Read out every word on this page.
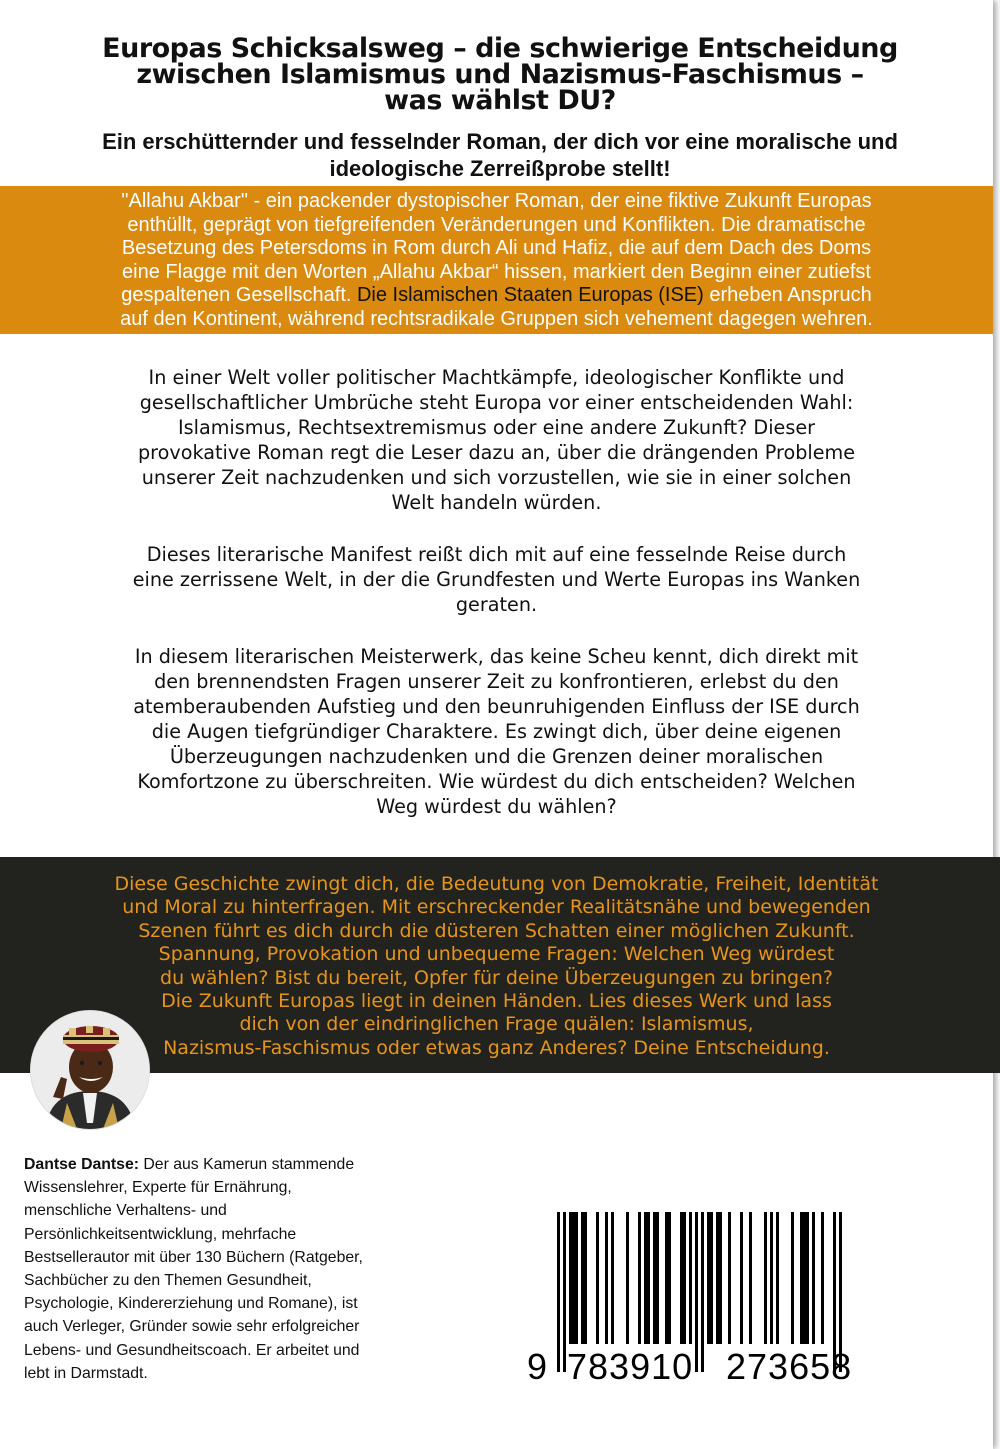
Europas Schicksalsweg – die schwierige Entscheidung
zwischen Islamismus und Nazismus-Faschismus –
was wählst DU?

Ein erschütternder und fesselnder Roman, der dich vor eine moralische und
ideologische Zerreißprobe stellt!

"Allahu Akbar" - ein packender dystopischer Roman, der eine fiktive Zukunft Europas
enthüllt, geprägt von tiefgreifenden Veränderungen und Konflikten. Die dramatische
Besetzung des Petersdoms in Rom durch Ali und Hafiz, die auf dem Dach des Doms
eine Flagge mit den Worten „Allahu Akbar“ hissen, markiert den Beginn einer zutiefst
gespaltenen Gesellschaft. Die Islamischen Staaten Europas (ISE) erheben Anspruch
auf den Kontinent, während rechtsradikale Gruppen sich vehement dagegen wehren.

In einer Welt voller politischer Machtkämpfe, ideologischer Konflikte und
gesellschaftlicher Umbrüche steht Europa vor einer entscheidenden Wahl:
Islamismus, Rechtsextremismus oder eine andere Zukunft? Dieser
provokative Roman regt die Leser dazu an, über die drängenden Probleme
unserer Zeit nachzudenken und sich vorzustellen, wie sie in einer solchen
Welt handeln würden.

Dieses literarische Manifest reißt dich mit auf eine fesselnde Reise durch
eine zerrissene Welt, in der die Grundfesten und Werte Europas ins Wanken
geraten.

In diesem literarischen Meisterwerk, das keine Scheu kennt, dich direkt mit
den brennendsten Fragen unserer Zeit zu konfrontieren, erlebst du den
atemberaubenden Aufstieg und den beunruhigenden Einfluss der ISE durch
die Augen tiefgründiger Charaktere. Es zwingt dich, über deine eigenen
Überzeugungen nachzudenken und die Grenzen deiner moralischen
Komfortzone zu überschreiten. Wie würdest du dich entscheiden? Welchen
Weg würdest du wählen?

Diese Geschichte zwingt dich, die Bedeutung von Demokratie, Freiheit, Identität
und Moral zu hinterfragen. Mit erschreckender Realitätsnähe und bewegenden
Szenen führt es dich durch die düsteren Schatten einer möglichen Zukunft.
Spannung, Provokation und unbequeme Fragen: Welchen Weg würdest
du wählen? Bist du bereit, Opfer für deine Überzeugungen zu bringen?
Die Zukunft Europas liegt in deinen Händen. Lies dieses Werk und lass
dich von der eindringlichen Frage quälen: Islamismus,
Nazismus-Faschismus oder etwas ganz Anderes? Deine Entscheidung.

Dantse Dantse: Der aus Kamerun stammende
Wissenslehrer, Experte für Ernährung,
menschliche Verhaltens- und
Persönlichkeitsentwicklung, mehrfache
Bestsellerautor mit über 130 Büchern (Ratgeber,
Sachbücher zu den Themen Gesundheit,
Psychologie, Kindererziehung und Romane), ist
auch Verleger, Gründer sowie sehr erfolgreicher
Lebens- und Gesundheitscoach. Er arbeitet und
lebt in Darmstadt.	9 783910 273658
